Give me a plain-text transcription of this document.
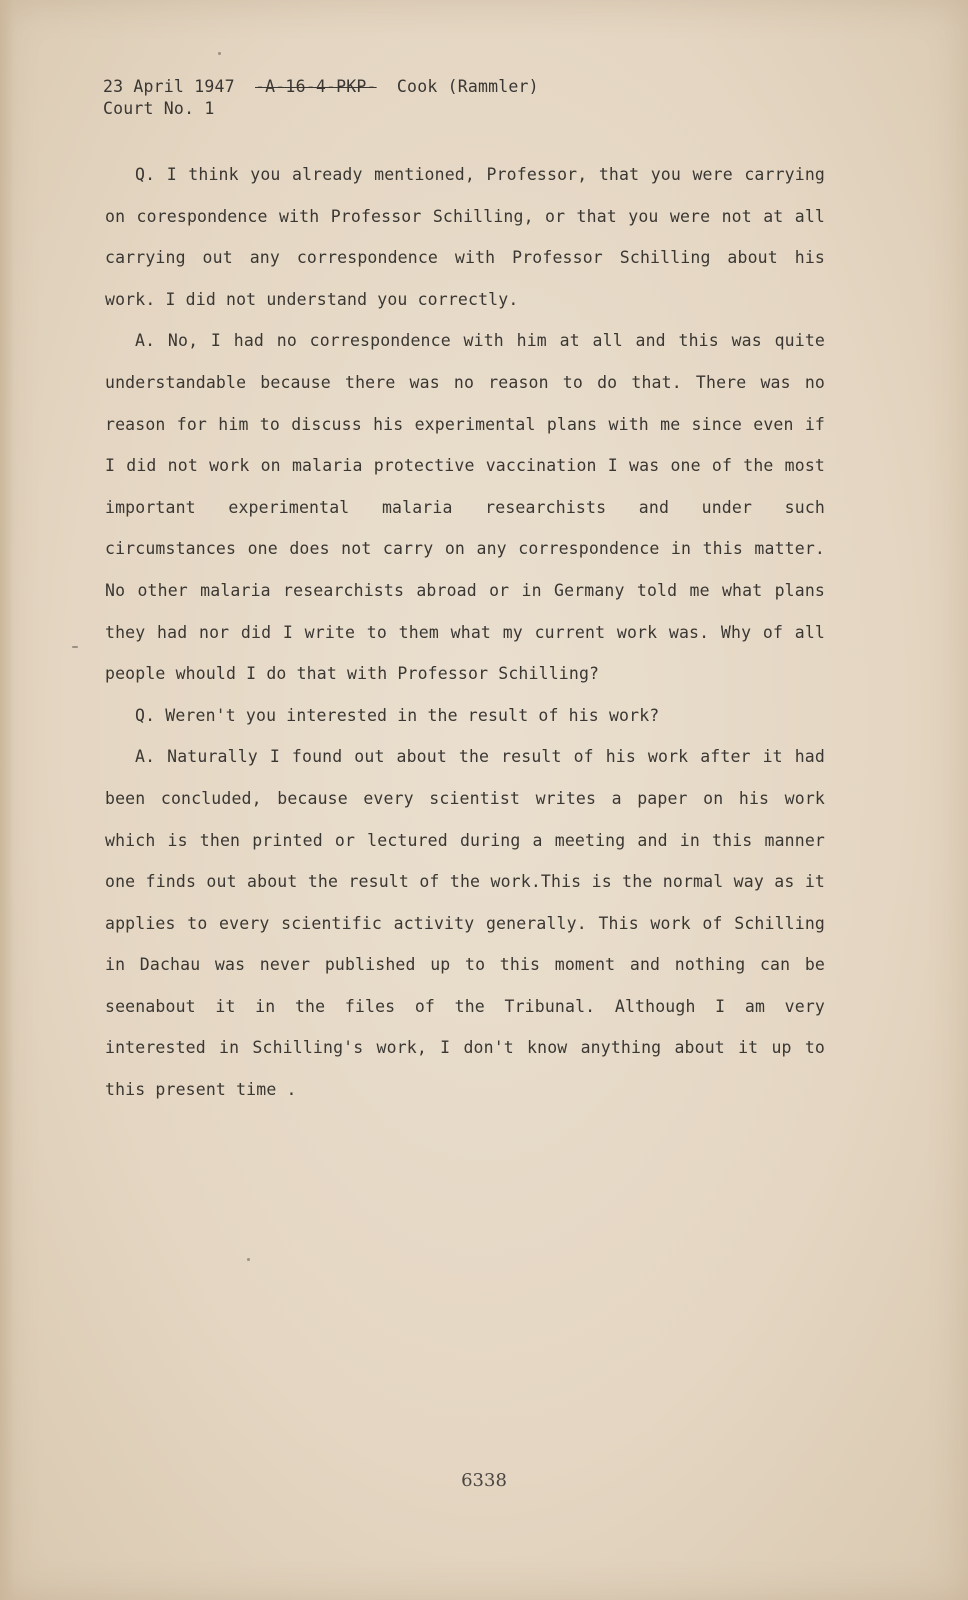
23 April 1947 -A-16-4-PKP- Cook (Rammler)
Court No. 1

Q. I think you already mentioned, Professor, that you were carrying on corespondence with Professor Schilling, or that you were not at all carrying out any correspondence with Professor Schilling about his work. I did not understand you correctly.

A. No, I had no correspondence with him at all and this was quite understandable because there was no reason to do that. There was no reason for him to discuss his experimental plans with me since even if I did not work on malaria protective vaccination I was one of the most important experimental malaria researchists and under such circumstances one does not carry on any correspondence in this matter. No other malaria researchists abroad or in Germany told me what plans they had nor did I write to them what my current work was. Why of all people whould I do that with Professor Schilling?

Q. Weren't you interested in the result of his work?

A. Naturally I found out about the result of his work after it had been concluded, because every scientist writes a paper on his work which is then printed or lectured during a meeting and in this manner one finds out about the result of the work.This is the normal way as it applies to every scientific activity generally. This work of Schilling in Dachau was never published up to this moment and nothing can be seenabout it in the files of the Tribunal. Although I am very interested in Schilling's work, I don't know anything about it up to this present time .

6338
